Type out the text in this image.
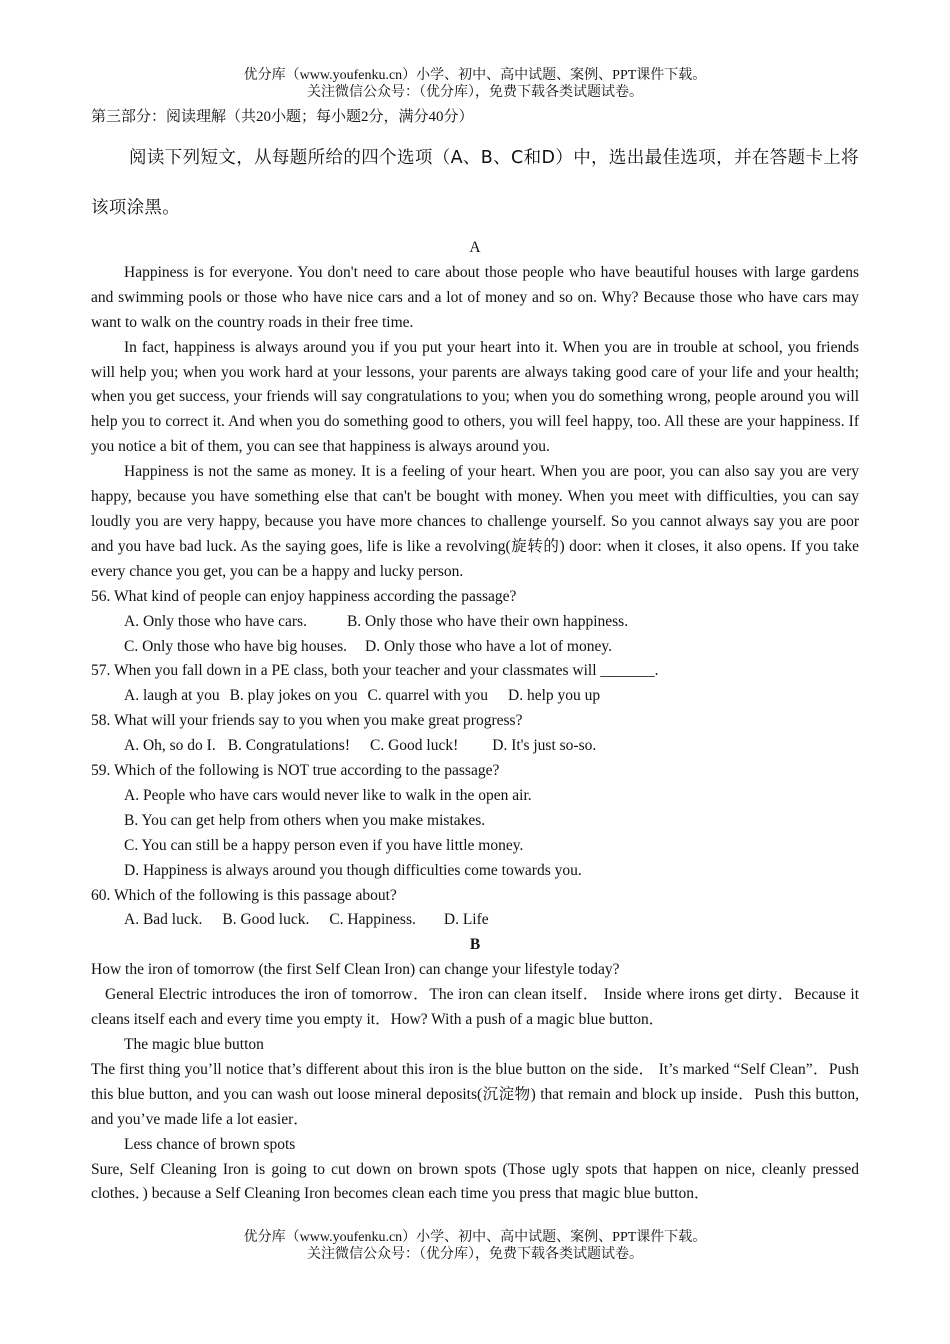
优分库（www.youfenku.cn）小学、初中、高中试题、案例、PPT课件下载。
关注微信公众号：（优分库），免费下载各类试题试卷。

第三部分：阅读理解（共20小题；每小题2分，满分40分）

阅读下列短文，从每题所给的四个选项（A、B、C和D）中，选出最佳选项，并在答题卡上将该项涂黑。

A

Happiness is for everyone. You don't need to care about those people who have beautiful houses with large gardens and swimming pools or those who have nice cars and a lot of money and so on. Why? Because those who have cars may want to walk on the country roads in their free time.

In fact, happiness is always around you if you put your heart into it. When you are in trouble at school, you friends will help you; when you work hard at your lessons, your parents are always taking good care of your life and your health; when you get success, your friends will say congratulations to you; when you do something wrong, people around you will help you to correct it. And when you do something good to others, you will feel happy, too. All these are your happiness. If you notice a bit of them, you can see that happiness is always around you.

Happiness is not the same as money. It is a feeling of your heart. When you are poor, you can also say you are very happy, because you have something else that can't be bought with money. When you meet with difficulties, you can say loudly you are very happy, because you have more chances to challenge yourself. So you cannot always say you are poor and you have bad luck. As the saying goes, life is like a revolving(旋转的) door: when it closes, it also opens. If you take every chance you get, you can be a happy and lucky person.

56. What kind of people can enjoy happiness according the passage?

A. Only those who have cars.	B. Only those who have their own happiness.

C. Only those who have big houses. D. Only those who have a lot of money.

57. When you fall down in a PE class, both your teacher and your classmates will _______.

A. laugh at you B. play jokes on you C. quarrel with you D. help you up

58. What will your friends say to you when you make great progress?

A. Oh, so do I. B. Congratulations! C. Good luck! D. It's just so-so.

59. Which of the following is NOT true according to the passage?

A. People who have cars would never like to walk in the open air.

B. You can get help from others when you make mistakes.

C. You can still be a happy person even if you have little money.

D. Happiness is always around you though difficulties come towards you.

60. Which of the following is this passage about?

A. Bad luck. B. Good luck. C. Happiness. D. Life

B

How the iron of tomorrow (the first Self Clean Iron) can change your lifestyle today?

General Electric introduces the iron of tomorrow．The iron can clean itself． Inside where irons get dirty．Because it cleans itself each and every time you empty it．How? With a push of a magic blue button．

The magic blue button

The first thing you’ll notice that’s different about this iron is the blue button on the side． It’s marked “Self Clean”．Push this blue button, and you can wash out loose mineral deposits(沉淀物) that remain and block up inside．Push this button, and you’ve made life a lot easier．

Less chance of brown spots

Sure, Self Cleaning Iron is going to cut down on brown spots (Those ugly spots that happen on nice, cleanly pressed clothes．) because a Self Cleaning Iron becomes clean each time you press that magic blue button．

优分库（www.youfenku.cn）小学、初中、高中试题、案例、PPT课件下载。
关注微信公众号：（优分库），免费下载各类试题试卷。
